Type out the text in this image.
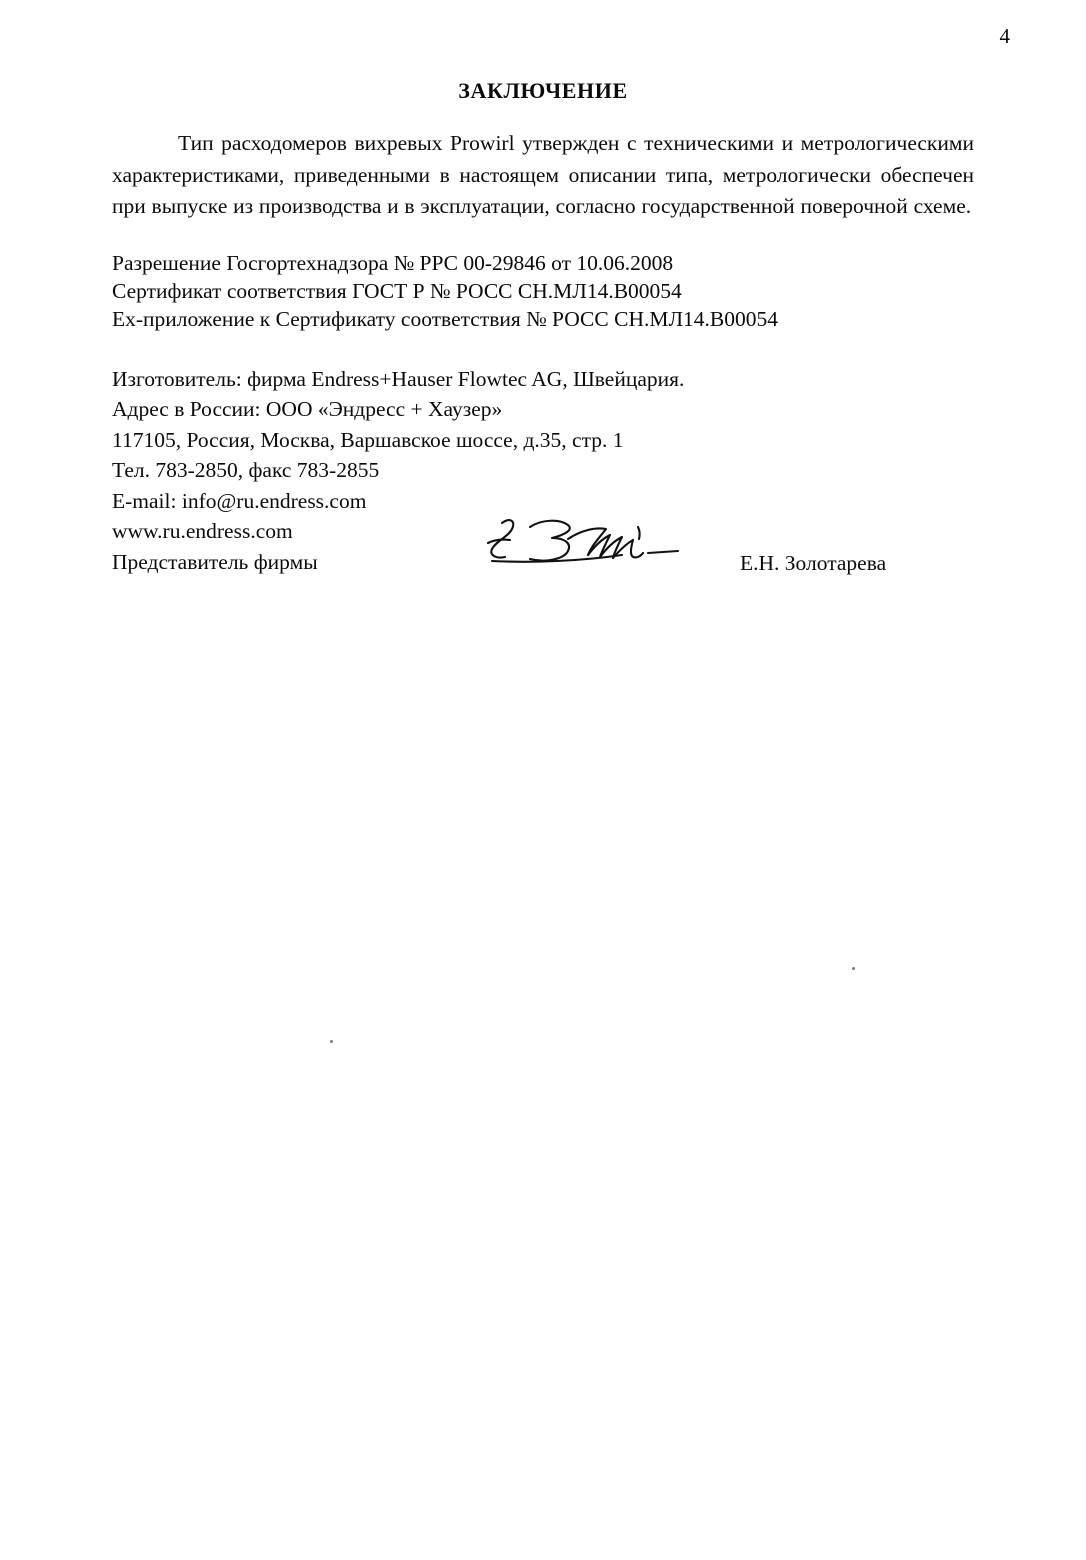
4
ЗАКЛЮЧЕНИЕ

Тип расходомеров вихревых Prowirl утвержден с техническими и метрологическими характеристиками, приведенными в настоящем описании типа, метрологически обеспечен при выпуске из производства и в эксплуатации, согласно государственной поверочной схеме.

Разрешение Госгортехнадзора № РРС 00-29846 от 10.06.2008
Сертификат соответствия ГОСТ Р № РОСС СН.МЛ14.В00054
Ех-приложение к Сертификату соответствия № РОСС СН.МЛ14.В00054
Изготовитель: фирма Endress+Hauser Flowtec AG, Швейцария.
Адрес в России: ООО «Эндресс + Хаузер»
117105, Россия, Москва, Варшавское шоссе, д.35, стр. 1
Тел. 783-2850, факс 783-2855
E-mail: info@ru.endress.com
www.ru.endress.com
Представитель фирмы	Е.Н. Золотарева
